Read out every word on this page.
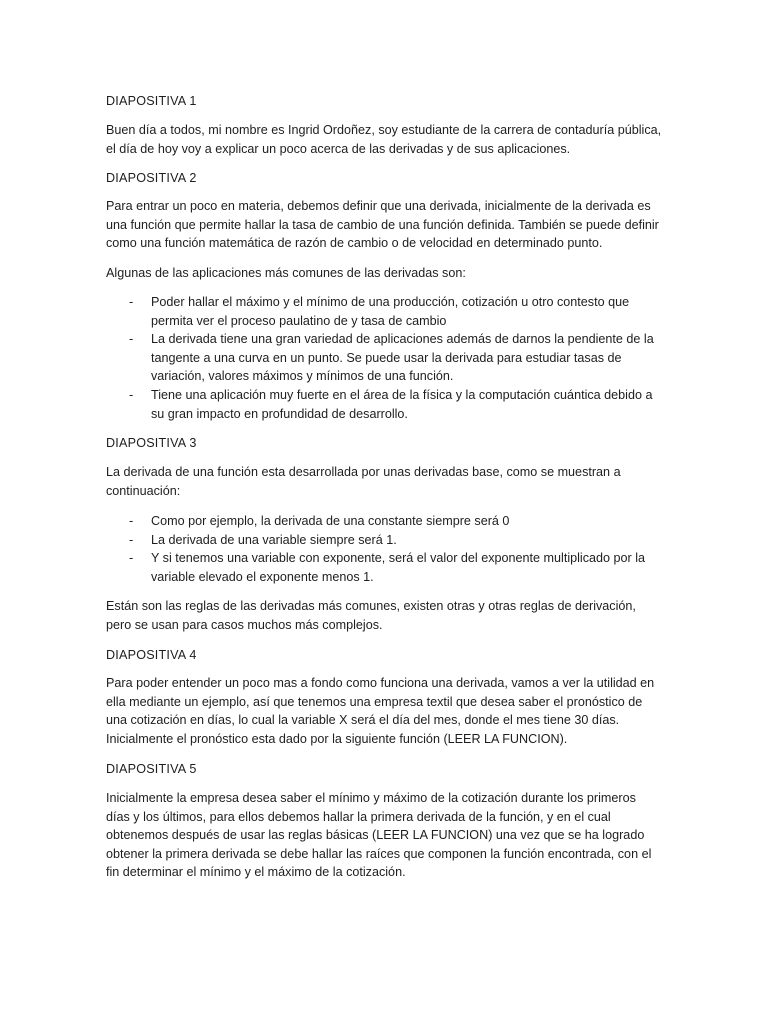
DIAPOSITIVA 1

Buen día a todos, mi nombre es Ingrid Ordoñez, soy estudiante de la carrera de contaduría pública, el día de hoy voy a explicar un poco acerca de las derivadas y de sus aplicaciones.

DIAPOSITIVA 2

Para entrar un poco en materia, debemos definir que una derivada, inicialmente de la derivada es una función que permite hallar la tasa de cambio de una función definida. También se puede definir como una función matemática de razón de cambio o de velocidad en determinado punto.

Algunas de las aplicaciones más comunes de las derivadas son:

- Poder hallar el máximo y el mínimo de una producción, cotización u otro contesto que permita ver el proceso paulatino de y tasa de cambio
- La derivada tiene una gran variedad de aplicaciones además de darnos la pendiente de la tangente a una curva en un punto. Se puede usar la derivada para estudiar tasas de variación, valores máximos y mínimos de una función.
- Tiene una aplicación muy fuerte en el área de la física y la computación cuántica debido a su gran impacto en profundidad de desarrollo.

DIAPOSITIVA 3

La derivada de una función esta desarrollada por unas derivadas base, como se muestran a continuación:

- Como por ejemplo, la derivada de una constante siempre será 0
- La derivada de una variable siempre será 1.
- Y si tenemos una variable con exponente, será el valor del exponente multiplicado por la variable elevado el exponente menos 1.

Están son las reglas de las derivadas más comunes, existen otras y otras reglas de derivación, pero se usan para casos muchos más complejos.

DIAPOSITIVA 4

Para poder entender un poco mas a fondo como funciona una derivada, vamos a ver la utilidad en ella mediante un ejemplo, así que tenemos una empresa textil que desea saber el pronóstico de una cotización en días, lo cual la variable X será el día del mes, donde el mes tiene 30 días. Inicialmente el pronóstico esta dado por la siguiente función (LEER LA FUNCION).

DIAPOSITIVA 5

Inicialmente la empresa desea saber el mínimo y máximo de la cotización durante los primeros días y los últimos, para ellos debemos hallar la primera derivada de la función, y en el cual obtenemos después de usar las reglas básicas (LEER LA FUNCION) una vez que se ha logrado obtener la primera derivada se debe hallar las raíces que componen la función encontrada, con el fin determinar el mínimo y el máximo de la cotización.
